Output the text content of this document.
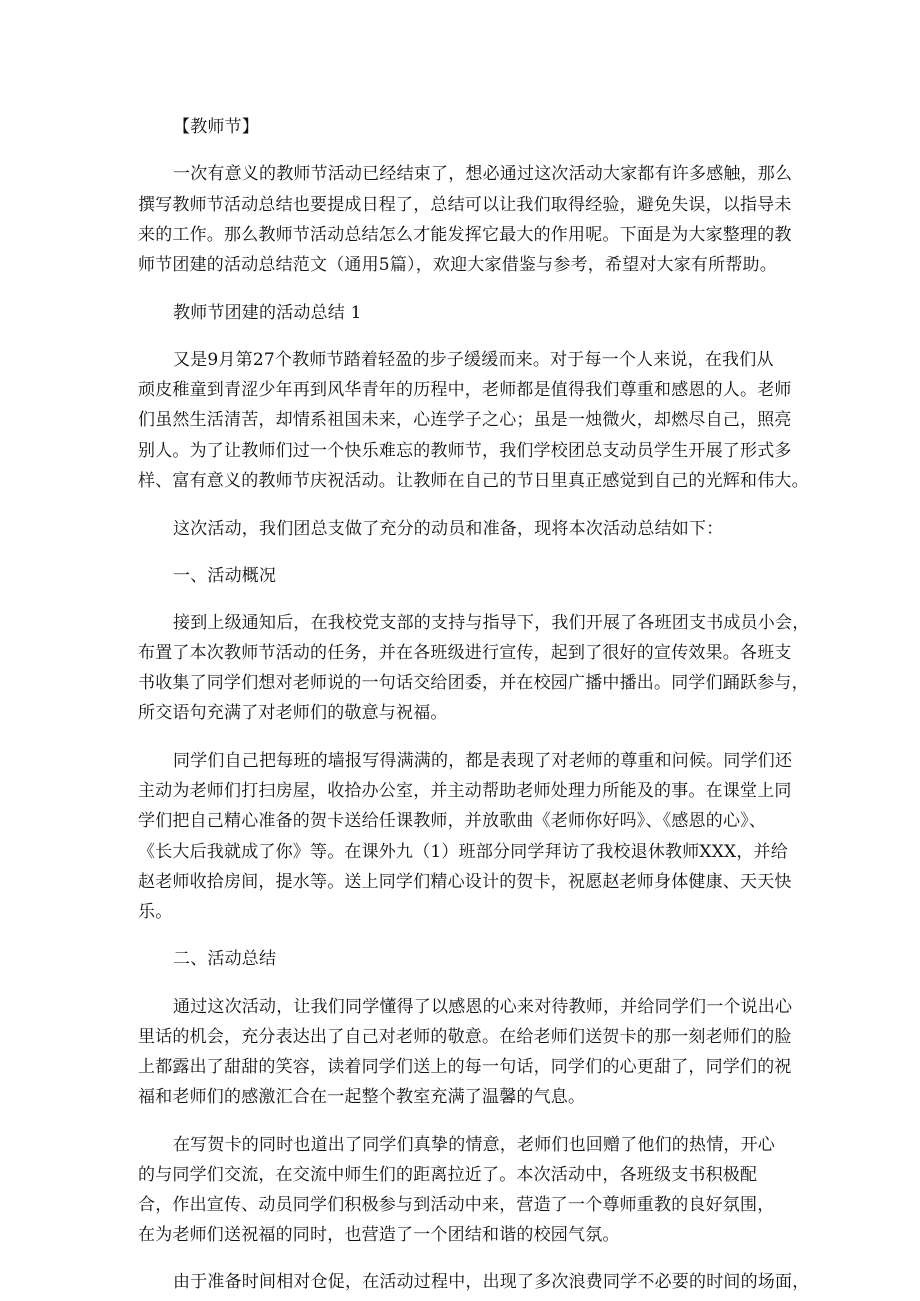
【教师节】

一次有意义的教师节活动已经结束了，想必通过这次活动大家都有许多感触，那么

撰写教师节活动总结也要提成日程了，总结可以让我们取得经验，避免失误，以指导未

来的工作。那么教师节活动总结怎么才能发挥它最大的作用呢。下面是为大家整理的教

师节团建的活动总结范文（通用5篇），欢迎大家借鉴与参考，希望对大家有所帮助。

教师节团建的活动总结 1

又是9月第27个教师节踏着轻盈的步子缓缓而来。对于每一个人来说，在我们从

顽皮稚童到青涩少年再到风华青年的历程中，老师都是值得我们尊重和感恩的人。老师

们虽然生活清苦，却情系祖国未来，心连学子之心；虽是一烛微火，却燃尽自己，照亮

别人。为了让教师们过一个快乐难忘的教师节，我们学校团总支动员学生开展了形式多

样、富有意义的教师节庆祝活动。让教师在自己的节日里真正感觉到自己的光辉和伟大。

这次活动，我们团总支做了充分的动员和准备，现将本次活动总结如下：

一、活动概况

接到上级通知后，在我校党支部的支持与指导下，我们开展了各班团支书成员小会，

布置了本次教师节活动的任务，并在各班级进行宣传，起到了很好的宣传效果。各班支

书收集了同学们想对老师说的一句话交给团委，并在校园广播中播出。同学们踊跃参与，

所交语句充满了对老师们的敬意与祝福。

同学们自己把每班的墙报写得满满的，都是表现了对老师的尊重和问候。同学们还

主动为老师们打扫房屋，收拾办公室，并主动帮助老师处理力所能及的事。在课堂上同

学们把自己精心准备的贺卡送给任课教师，并放歌曲《老师你好吗》、《感恩的心》、

《长大后我就成了你》等。在课外九（1）班部分同学拜访了我校退休教师XXX，并给

赵老师收拾房间，提水等。送上同学们精心设计的贺卡，祝愿赵老师身体健康、天天快

乐。

二、活动总结

通过这次活动，让我们同学懂得了以感恩的心来对待教师，并给同学们一个说出心

里话的机会，充分表达出了自己对老师的敬意。在给老师们送贺卡的那一刻老师们的脸

上都露出了甜甜的笑容，读着同学们送上的每一句话，同学们的心更甜了，同学们的祝

福和老师们的感激汇合在一起整个教室充满了温馨的气息。

在写贺卡的同时也道出了同学们真挚的情意，老师们也回赠了他们的热情，开心

的与同学们交流，在交流中师生们的距离拉近了。本次活动中，各班级支书积极配

合，作出宣传、动员同学们积极参与到活动中来，营造了一个尊师重教的良好氛围，

在为老师们送祝福的同时，也营造了一个团结和谐的校园气氛。

由于准备时间相对仓促，在活动过程中，出现了多次浪费同学不必要的时间的场面，
